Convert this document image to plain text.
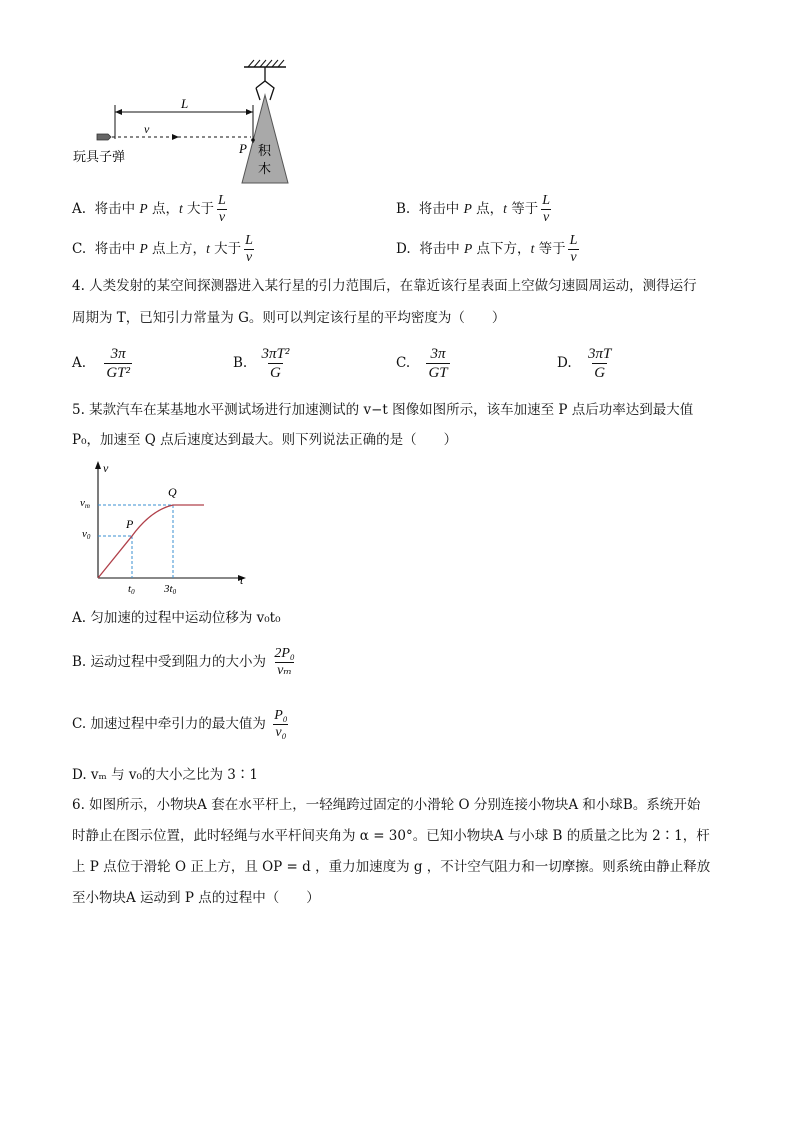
L
v
P 积
木
玩具子弹
A.  将击中 P 点，t 大于 $\frac{L}{v}$	B.  将击中 P 点，t 等于 $\frac{L}{v}$
C.  将击中 P 点上方，t 大于 $\frac{L}{v}$	D.  将击中 P 点下方，t 等于 $\frac{L}{v}$
4. 人类发射的某空间探测器进入某行星的引力范围后，在靠近该行星表面上空做匀速圆周运动，测得运行
周期为 T，已知引力常量为 G。则可以判定该行星的平均密度为（　　）
A. $\frac{3\pi}{\text{GT²}}$	B. $\frac{\text{3πT²}}{G}$	C. $\frac{3\pi}{GT}$	D. $\frac{3\pi T}{G}$
5. 某款汽车在某基地水平测试场进行加速测试的 v−t 图像如图所示，该车加速至 P 点后功率达到最大值
P₀，加速至 Q 点后速度达到最大。则下列说法正确的是（　　）
v
t
vm
v0
P
Q
t0	3t0
A. 匀加速的过程中运动位移为 v₀t₀
B. 运动过程中受到阻力的大小为 $\frac{\text{2P₀}}{\text{vₘ}}$
C. 加速过程中牵引力的最大值为 $\frac{\text{P₀}}{\text{v₀}}$
D. vₘ 与 v₀的大小之比为 3∶1
6. 如图所示，小物块A 套在水平杆上，一轻绳跨过固定的小滑轮 O 分别连接小物块A 和小球B。系统开始
时静止在图示位置，此时轻绳与水平杆间夹角为 α = 30°。已知小物块A 与小球 B 的质量之比为 2∶1，杆
上 P 点位于滑轮 O 正上方，且 OP = d ，重力加速度为 g ，不计空气阻力和一切摩擦。则系统由静止释放
至小物块A 运动到 P 点的过程中（　　）
